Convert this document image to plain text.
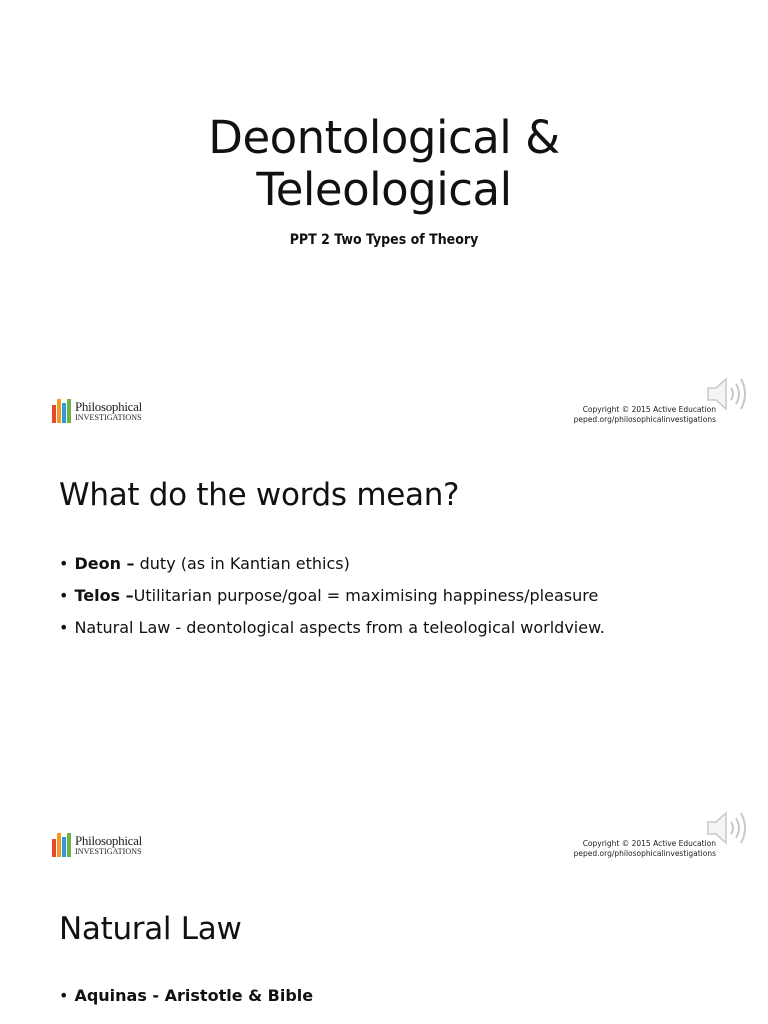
Deontological &
Teleological

PPT 2 Two Types of Theory

Philosophical
INVESTIGATIONS
Copyright © 2015 Active Education
peped.org/philosophicalinvestigations
What do the words mean?
• Deon – duty (as in Kantian ethics)
• Telos –Utilitarian purpose/goal = maximising happiness/pleasure
• Natural Law - deontological aspects from a teleological worldview.
Philosophical
INVESTIGATIONS
Copyright © 2015 Active Education
peped.org/philosophicalinvestigations
Natural Law
• Aquinas - Aristotle & Bible
